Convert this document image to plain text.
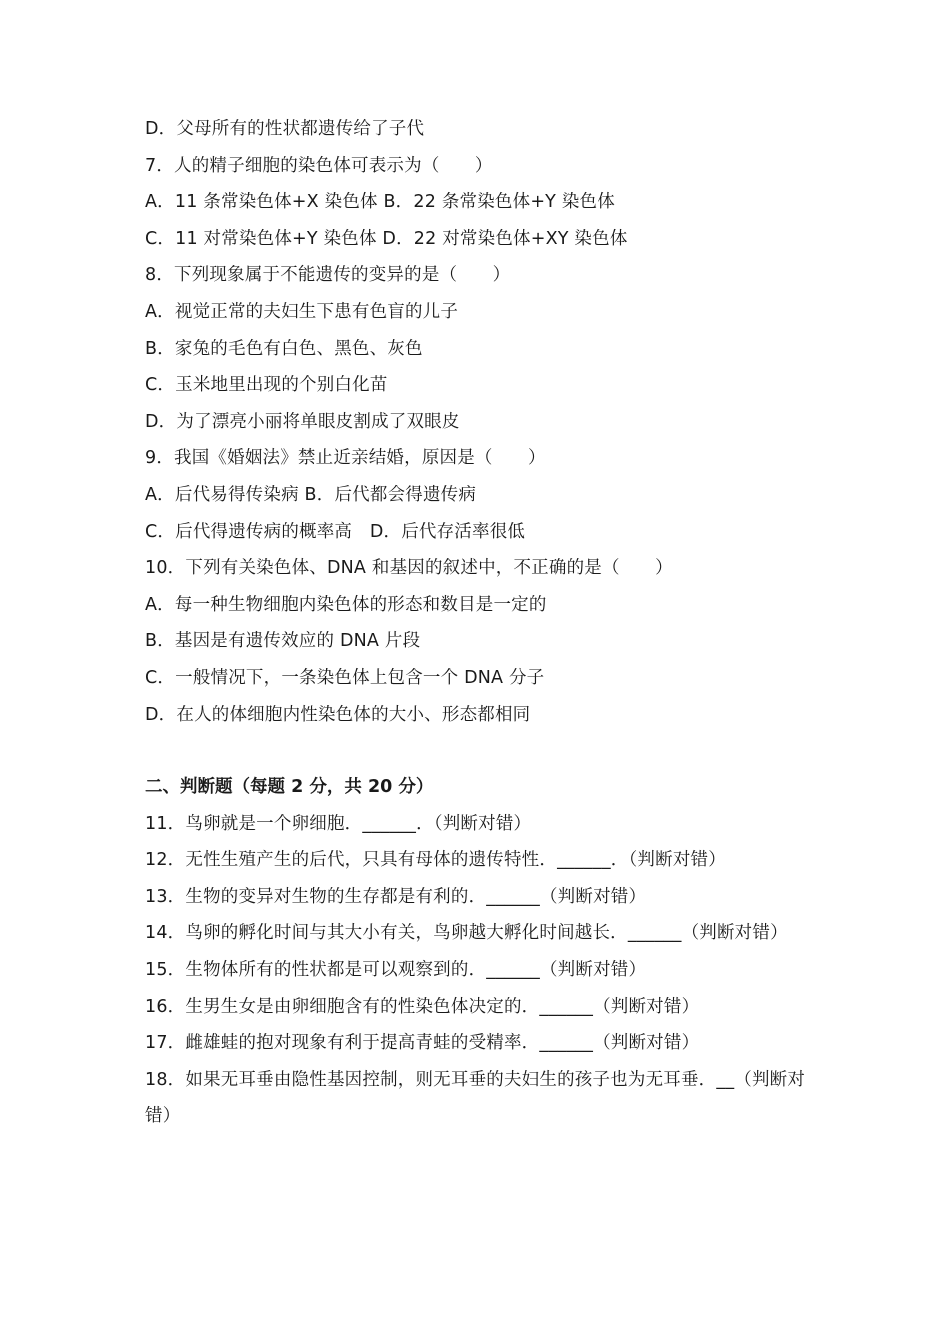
D．父母所有的性状都遗传给了子代
7．人的精子细胞的染色体可表示为（　　）
A．11 条常染色体+X 染色体 B．22 条常染色体+Y 染色体
C．11 对常染色体+Y 染色体 D．22 对常染色体+XY 染色体
8．下列现象属于不能遗传的变异的是（　　）
A．视觉正常的夫妇生下患有色盲的儿子
B．家兔的毛色有白色、黑色、灰色
C．玉米地里出现的个别白化苗
D．为了漂亮小丽将单眼皮割成了双眼皮
9．我国《婚姻法》禁止近亲结婚，原因是（　　）
A．后代易得传染病 B．后代都会得遗传病
C．后代得遗传病的概率高　D．后代存活率很低
10．下列有关染色体、DNA 和基因的叙述中，不正确的是（　　）
A．每一种生物细胞内染色体的形态和数目是一定的
B．基因是有遗传效应的 DNA 片段
C．一般情况下，一条染色体上包含一个 DNA 分子
D．在人的体细胞内性染色体的大小、形态都相同
二、判断题（每题 2 分，共 20 分）
11．鸟卵就是一个卵细胞．______．（判断对错）
12．无性生殖产生的后代，只具有母体的遗传特性．______．（判断对错）
13．生物的变异对生物的生存都是有利的．______（判断对错）
14．鸟卵的孵化时间与其大小有关，鸟卵越大孵化时间越长．______（判断对错）
15．生物体所有的性状都是可以观察到的．______（判断对错）
16．生男生女是由卵细胞含有的性染色体决定的．______（判断对错）
17．雌雄蛙的抱对现象有利于提高青蛙的受精率．______（判断对错）
18．如果无耳垂由隐性基因控制，则无耳垂的夫妇生的孩子也为无耳垂．__（判断对错）
